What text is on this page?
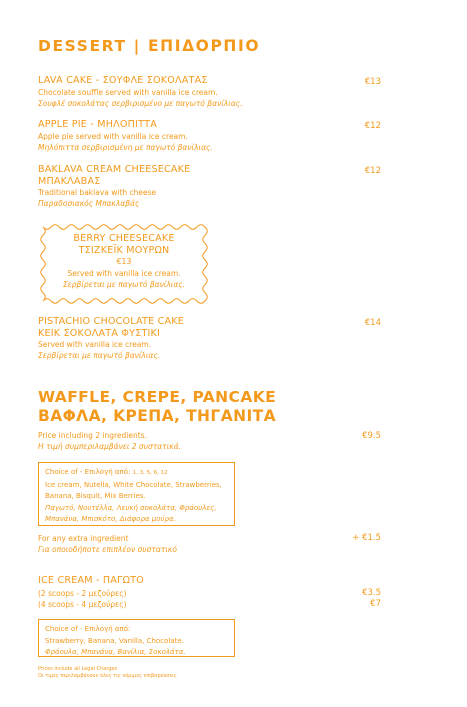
DESSERT | ΕΠΙΔΟΡΠΙΟ
LAVA CAKE - ΣΟΥΦΛΕ ΣΟΚΟΛΑΤΑΣ	€13
Chocolate souffle served with vanilla ice cream.
Σουφλέ σοκολάτας σερβιρισμένο με παγωτό βανίλιας.
APPLE PIE - ΜΗΛΟΠΙΤΤΑ	€12
Apple pie served with vanilla ice cream.
Μηλόπιττα σερβιρισμένη με παγωτό βανίλιας.
BAKLAVA CREAM CHEESECAKE
ΜΠΑΚΛΑΒΑΣ
€12
Traditional baklava with cheese
Παραδοσιακός Μπακλαβάς
BERRY CHEESECAKE
ΤΣΙΖΚΕΪΚ ΜΟΥΡΩΝ
€13
Served with vanilla ice cream.
Σερβίρεται με παγωτό βανίλιας.
PISTACHIO CHOCOLATE CAKE
ΚΕΙΚ ΣΟΚΟΛΑΤΑ ΦΥΣΤΙΚΙ
€14
Served with vanilla ice cream.
Σερβίρεται με παγωτό βανίλιας.
WAFFLE, CREPE, PANCAKE
ΒΑΦΛΑ, ΚΡΕΠΑ, ΤΗΓΑΝΙΤΑ
Price including 2 ingredients.
Η τιμή συμπεριλαμβάνει 2 συστατικά.
€9.5
Choice of - Επιλογή από: 1, 3, 5, 6, 12
Ice cream, Nutella, White Chocolate, Strawberries,
Banana, Bisquit, Mix Berries.
Παγωτό, Νουτέλλα, Λευκή σοκολάτα, Φράουλες,
Μπανάνα, Μπισκότο, Διάφορα μούρα.
For any extra ingredient
Για οποιοδήποτε επιπλέον συστατικό
+ €1.5
ICE CREAM - ΠΑΓΩΤΟ
(2 scoops - 2 μεζούρες)
(4 scoops - 4 μεζούρες)
€3.5
€7
Choice of - Επιλογή από:
Strawberry, Banana, Vanilla, Chocolate.
Φράουλα, Μπανάνα, Βανίλια, Σοκολάτα.
Prices include all Legal Charges
Οι τιμές περιλαμβάνουν όλες τις νόμιμες επιβαρύνσεις
